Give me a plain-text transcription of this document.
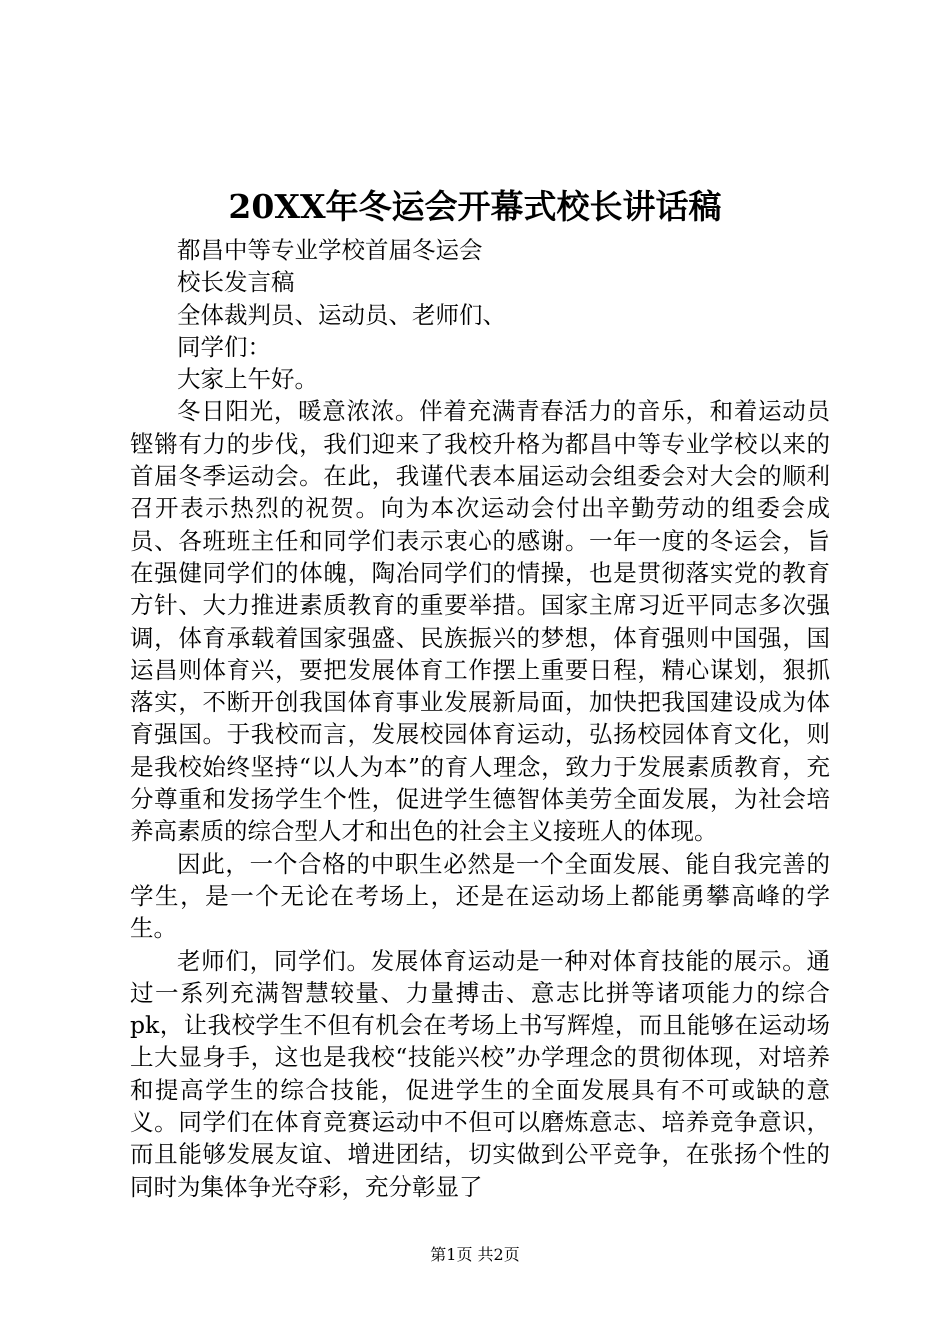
20XX年冬运会开幕式校长讲话稿

都昌中等专业学校首届冬运会

校长发言稿

全体裁判员、运动员、老师们、

同学们：

大家上午好。

冬日阳光，暖意浓浓。伴着充满青春活力的音乐，和着运动员铿锵有力的步伐，我们迎来了我校升格为都昌中等专业学校以来的首届冬季运动会。在此，我谨代表本届运动会组委会对大会的顺利召开表示热烈的祝贺。向为本次运动会付出辛勤劳动的组委会成员、各班班主任和同学们表示衷心的感谢。一年一度的冬运会，旨在强健同学们的体魄，陶冶同学们的情操，也是贯彻落实党的教育方针、大力推进素质教育的重要举措。国家主席习近平同志多次强调，体育承载着国家强盛、民族振兴的梦想，体育强则中国强，国运昌则体育兴，要把发展体育工作摆上重要日程，精心谋划，狠抓落实，不断开创我国体育事业发展新局面，加快把我国建设成为体育强国。于我校而言，发展校园体育运动，弘扬校园体育文化，则是我校始终坚持“以人为本”的育人理念，致力于发展素质教育，充分尊重和发扬学生个性，促进学生德智体美劳全面发展，为社会培养高素质的综合型人才和出色的社会主义接班人的体现。

因此，一个合格的中职生必然是一个全面发展、能自我完善的学生，是一个无论在考场上，还是在运动场上都能勇攀高峰的学生。

老师们，同学们。发展体育运动是一种对体育技能的展示。通过一系列充满智慧较量、力量搏击、意志比拼等诸项能力的综合pk，让我校学生不但有机会在考场上书写辉煌，而且能够在运动场上大显身手，这也是我校“技能兴校”办学理念的贯彻体现，对培养和提高学生的综合技能，促进学生的全面发展具有不可或缺的意义。同学们在体育竞赛运动中不但可以磨炼意志、培养竞争意识，而且能够发展友谊、增进团结，切实做到公平竞争，在张扬个性的同时为集体争光夺彩，充分彰显了

第1页 共2页
